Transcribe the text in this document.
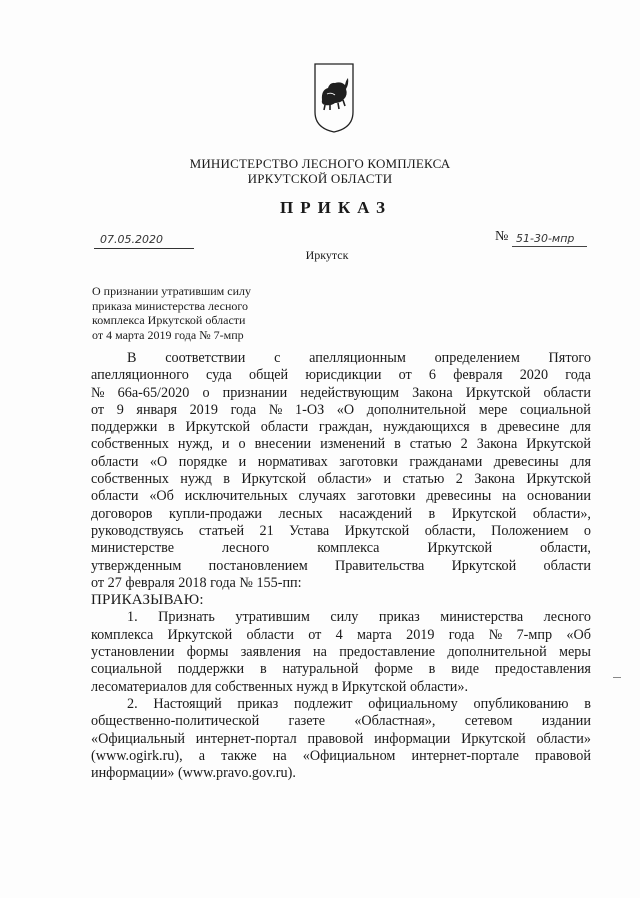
МИНИСТЕРСТВО ЛЕСНОГО КОМПЛЕКСА
ИРКУТСКОЙ ОБЛАСТИ
ПРИКАЗ
07.05.2020	№ 51-30-мпр
Иркутск
О признании утратившим силу
приказа министерства лесного
комплекса Иркутской области
от 4 марта 2019 года № 7-мпр
В соответствии с апелляционным определением Пятого
апелляционного суда общей юрисдикции от 6 февраля 2020 года
№ 66а-65/2020 о признании недействующим Закона Иркутской области
от 9 января 2019 года № 1-ОЗ «О дополнительной мере социальной
поддержки в Иркутской области граждан, нуждающихся в древесине для
собственных нужд, и о внесении изменений в статью 2 Закона Иркутской
области «О порядке и нормативах заготовки гражданами древесины для
собственных нужд в Иркутской области» и статью 2 Закона Иркутской
области «Об исключительных случаях заготовки древесины на основании
договоров купли-продажи лесных насаждений в Иркутской области»,
руководствуясь статьей 21 Устава Иркутской области, Положением о
министерстве	лесного	комплекса	Иркутской	области,
утвержденным постановлением Правительства Иркутской области
от 27 февраля 2018 года № 155-пп:
ПРИКАЗЫВАЮ:
1. Признать утратившим силу приказ министерства лесного
комплекса Иркутской области от 4 марта 2019 года № 7-мпр «Об
установлении формы заявления на предоставление дополнительной меры
социальной поддержки в натуральной форме в виде предоставления
лесоматериалов для собственных нужд в Иркутской области».
2. Настоящий приказ подлежит официальному опубликованию в
общественно-политической газете «Областная», сетевом издании
«Официальный интернет-портал правовой информации Иркутской области»
(www.ogirk.ru), а также на «Официальном интернет-портале правовой
информации» (www.pravo.gov.ru).
